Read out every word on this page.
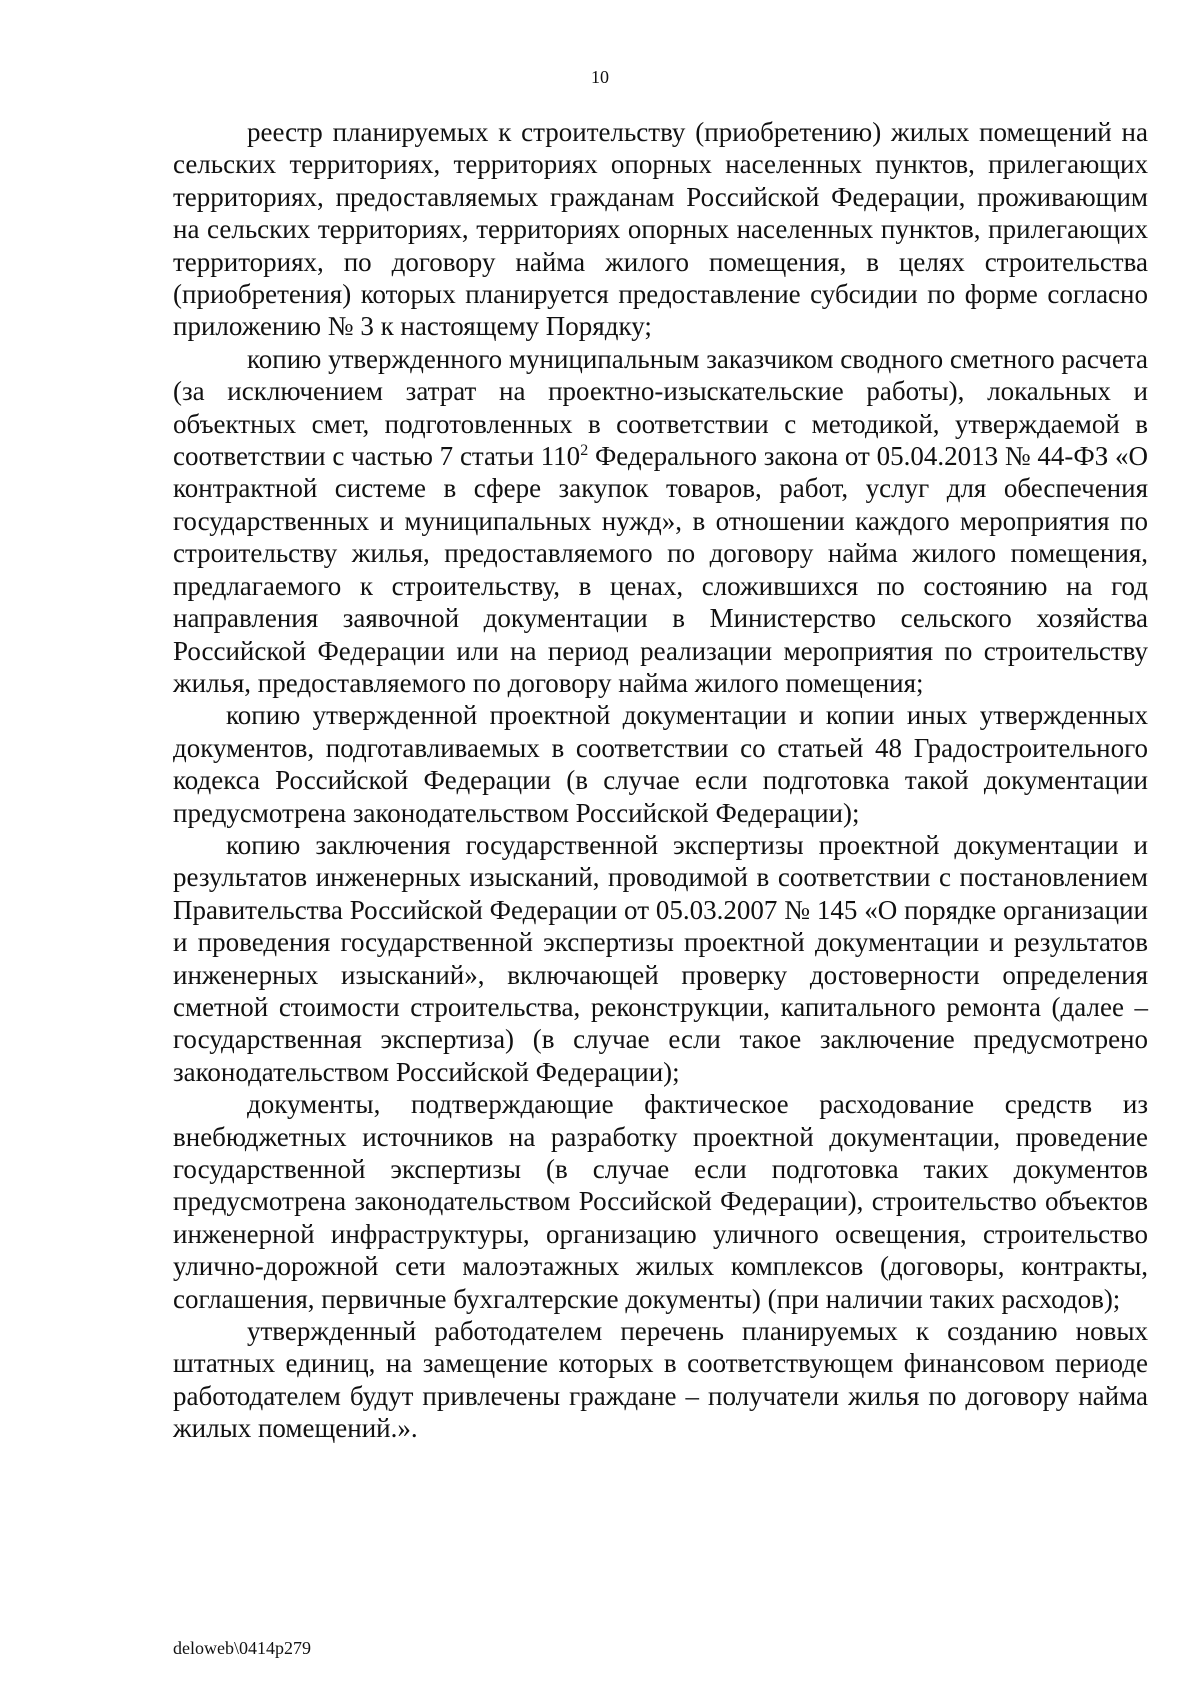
10

реестр планируемых к строительству (приобретению) жилых помещений на сельских территориях, территориях опорных населенных пунктов, прилегающих территориях, предоставляемых гражданам Российской Федерации, проживающим на сельских территориях, территориях опорных населенных пунктов, прилегающих территориях, по договору найма жилого помещения, в целях строительства (приобретения) которых планируется предоставление субсидии по форме согласно приложению № 3 к настоящему Порядку;

копию утвержденного муниципальным заказчиком сводного сметного расчета (за исключением затрат на проектно-изыскательские работы), локальных и объектных смет, подготовленных в соответствии с методикой, утверждаемой в соответствии с частью 7 статьи $110^2$ Федерального закона от 05.04.2013 № 44-ФЗ «О контрактной системе в сфере закупок товаров, работ, услуг для обеспечения государственных и муниципальных нужд», в отношении каждого мероприятия по строительству жилья, предоставляемого по договору найма жилого помещения, предлагаемого к строительству, в ценах, сложившихся по состоянию на год направления заявочной документации в Министерство сельского хозяйства Российской Федерации или на период реализации мероприятия по строительству жилья, предоставляемого по договору найма жилого помещения;

копию утвержденной проектной документации и копии иных утвержденных документов, подготавливаемых в соответствии со статьей 48 Градостроительного кодекса Российской Федерации (в случае если подготовка такой документации предусмотрена законодательством Российской Федерации);

копию заключения государственной экспертизы проектной документации и результатов инженерных изысканий, проводимой в соответствии с постановлением Правительства Российской Федерации от 05.03.2007 № 145 «О порядке организации и проведения государственной экспертизы проектной документации и результатов инженерных изысканий», включающей проверку достоверности определения сметной стоимости строительства, реконструкции, капитального ремонта (далее – государственная экспертиза) (в случае если такое заключение предусмотрено законодательством Российской Федерации);

документы, подтверждающие фактическое расходование средств из внебюджетных источников на разработку проектной документации, проведение государственной экспертизы (в случае если подготовка таких документов предусмотрена законодательством Российской Федерации), строительство объектов инженерной инфраструктуры, организацию уличного освещения, строительство улично-дорожной сети малоэтажных жилых комплексов (договоры, контракты, соглашения, первичные бухгалтерские документы) (при наличии таких расходов);

утвержденный работодателем перечень планируемых к созданию новых штатных единиц, на замещение которых в соответствующем финансовом периоде работодателем будут привлечены граждане – получатели жилья по договору найма жилых помещений.».

deloweb\0414p279
